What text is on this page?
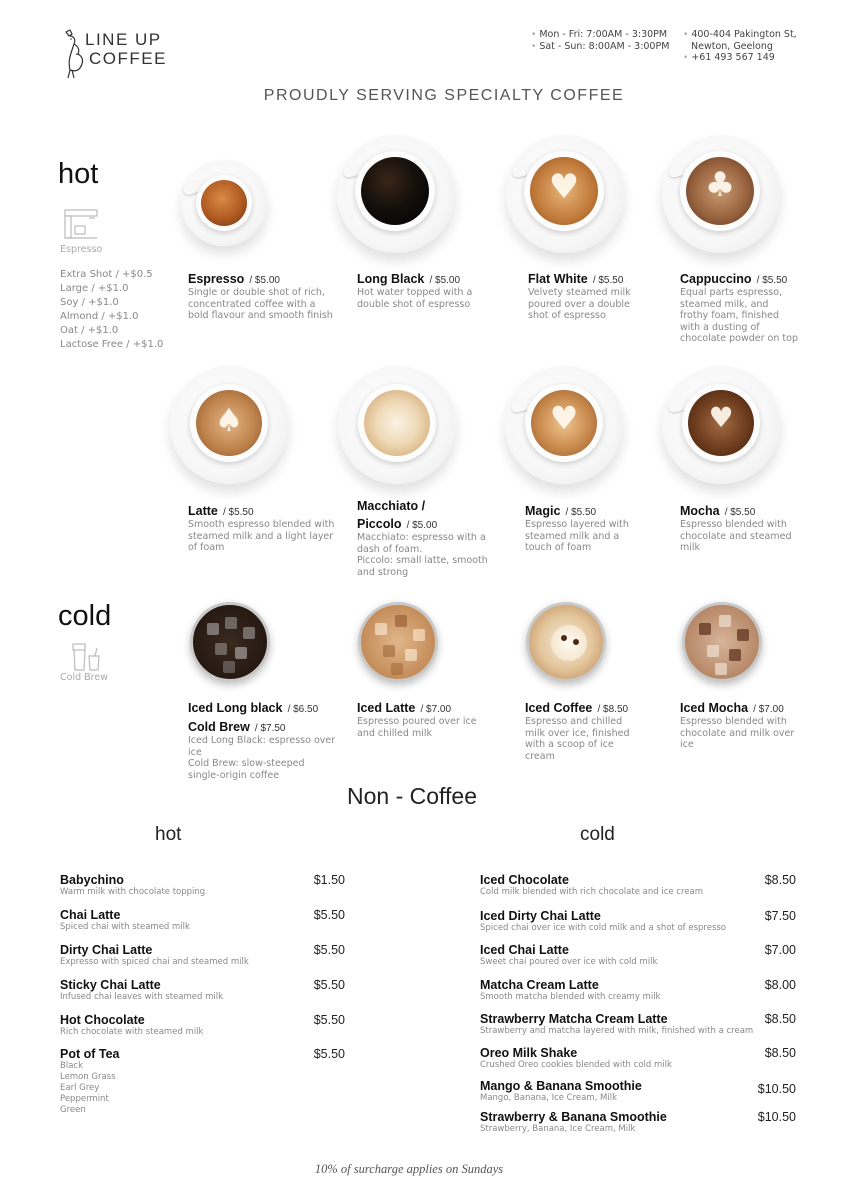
LINE UP
COFFEE
• Mon - Fri: 7:00AM - 3:30PM
• Sat - Sun: 8:00AM - 3:00PM
• 400-404 Pakington St,
Newton, Geelong
• +61 493 567 149
PROUDLY SERVING SPECIALTY COFFEE
hot
Espresso
Extra Shot / +$0.5
Large / +$1.0
Soy / +$1.0
Almond / +$1.0
Oat / +$1.0
Lactose Free / +$1.0
♥	♣
Espresso / $5.00
Single or double shot of rich, concentrated coffee with a bold flavour and smooth finish
Long Black / $5.00
Hot water topped with a double shot of espresso
Flat White / $5.50
Velvety steamed milk poured over a double shot of espresso
Cappuccino / $5.50
Equal parts espresso, steamed milk, and frothy foam, finished with a dusting of chocolate powder on top
♠	♥	♥
Latte / $5.50
Smooth espresso blended with steamed milk and a light layer of foam
Macchiato /
Piccolo / $5.00
Macchiato: espresso with a dash of foam.
Piccolo: small latte, smooth and strong
Magic / $5.50
Espresso layered with steamed milk and a touch of foam
Mocha / $5.50
Espresso blended with chocolate and steamed milk
cold
Cold Brew
Iced Long black / $6.50
Cold Brew / $7.50
Iced Long Black: espresso over ice
Cold Brew: slow-steeped single-origin coffee
Iced Latte / $7.00
Espresso poured over ice and chilled milk
Iced Coffee / $8.50
Espresso and chilled milk over ice, finished with a scoop of ice cream
Iced Mocha / $7.00
Espresso blended with chocolate and milk over ice
Non - Coffee
hot	cold
Babychino
Warm milk with chocolate topping
$1.50
Chai Latte
Spiced chai with steamed milk
$5.50
Dirty Chai Latte
Expresso with spiced chai and steamed milk
$5.50
Sticky Chai Latte
Infused chai leaves with steamed milk
$5.50
Hot Chocolate
Rich chocolate with steamed milk
$5.50
Pot of Tea
Black
Lemon Grass
Earl Grey
Peppermint
Green
$5.50
Iced Chocolate
Cold milk blended with rich chocolate and ice cream
$8.50
Iced Dirty Chai Latte
Spiced chai over ice with cold milk and a shot of espresso
$7.50
Iced Chai Latte
Sweet chai poured over ice with cold milk
$7.00
Matcha Cream Latte
Smooth matcha blended with creamy milk
$8.00
Strawberry Matcha Cream Latte
Strawberry and matcha layered with milk, finished with a cream
$8.50
Oreo Milk Shake
Crushed Oreo cookies blended with cold milk
$8.50
Mango & Banana Smoothie
Mango, Banana, Ice Cream, Milk
$10.50
Strawberry & Banana Smoothie
Strawberry, Banana, Ice Cream, Milk
$10.50
10% of surcharge applies on Sundays
